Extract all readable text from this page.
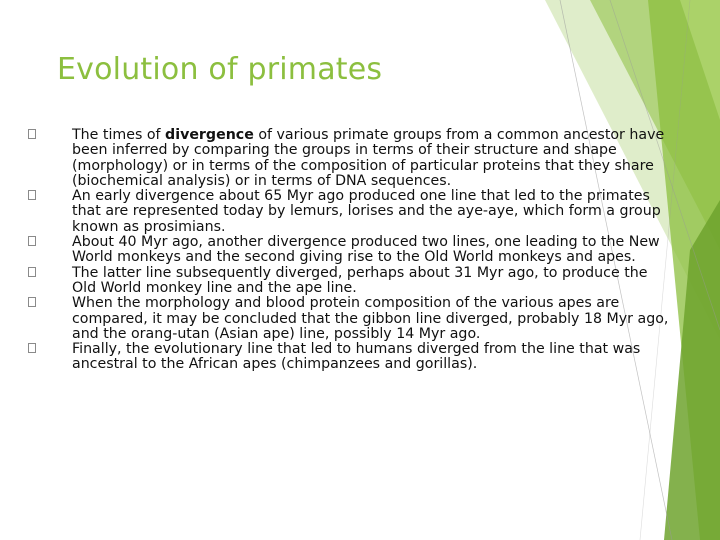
Evolution of primates
The times of divergence of various primate groups from a common ancestor have been inferred by comparing the groups in terms of their structure and shape (morphology) or in terms of the composition of particular proteins that they share (biochemical analysis) or in terms of DNA sequences.
An early divergence about 65 Myr ago produced one line that led to the primates that are represented today by lemurs, lorises and the aye-aye, which form a group known as prosimians.
About 40 Myr ago, another divergence produced two lines, one leading to the New World monkeys and the second giving rise to the Old World monkeys and apes.
The latter line subsequently diverged, perhaps about 31 Myr ago, to produce the Old World monkey line and the ape line.
When the morphology and blood protein composition of the various apes are compared, it may be concluded that the gibbon line diverged, probably 18 Myr ago, and the orang-utan (Asian ape) line, possibly 14 Myr ago.
Finally, the evolutionary line that led to humans diverged from the line that was ancestral to the African apes (chimpanzees and gorillas).
